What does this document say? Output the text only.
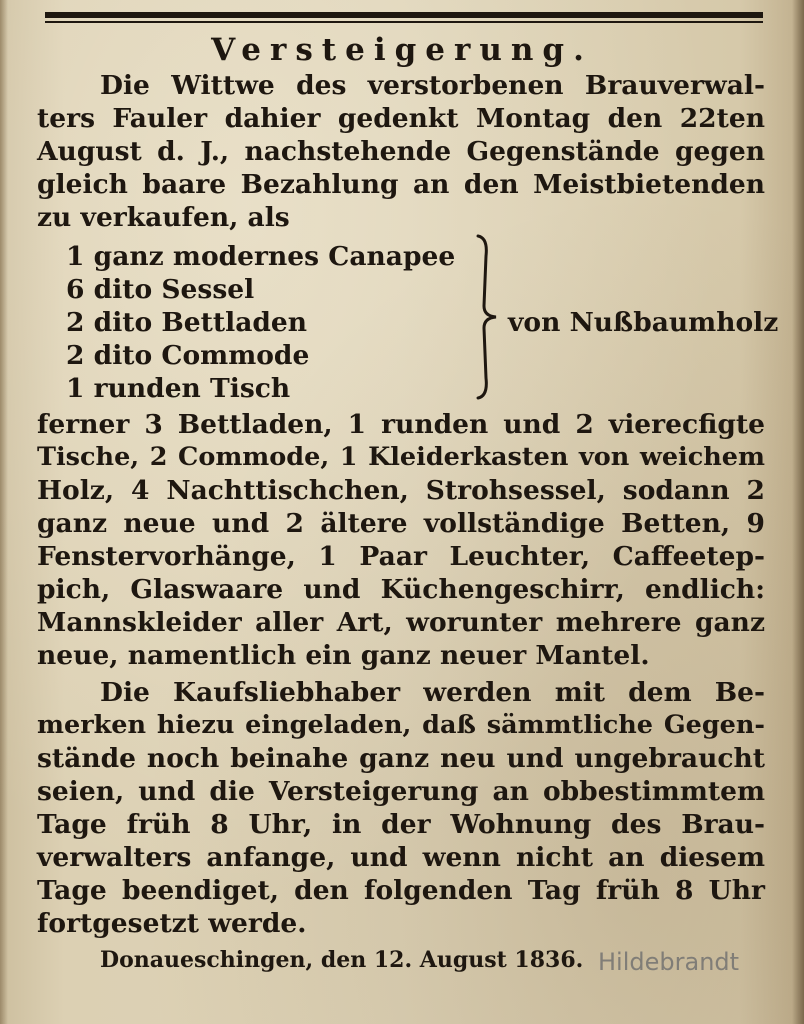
Versteigerung.
Die Wittwe des verstorbenen Brauverwal-
ters Fauler dahier gedenkt Montag den 22ten
August d. J., nachstehende Gegenstände gegen
gleich baare Bezahlung an den Meistbietenden
zu verkaufen, als
1 ganz modernes Canapee
6 dito Sessel
2 dito Bettladen
2 dito Commode
1 runden Tisch
von Nußbaumholz
ferner 3 Bettladen, 1 runden und 2 vierecfigte
Tische, 2 Commode, 1 Kleiderkasten von weichem
Holz, 4 Nachttischchen, Strohsessel, sodann 2
ganz neue und 2 ältere vollständige Betten, 9
Fenstervorhänge, 1 Paar Leuchter, Caffeetep-
pich, Glaswaare und Küchengeschirr, endlich:
Mannskleider aller Art, worunter mehrere ganz
neue, namentlich ein ganz neuer Mantel.
Die Kaufsliebhaber werden mit dem Be-
merken hiezu eingeladen, daß sämmtliche Gegen-
stände noch beinahe ganz neu und ungebraucht
seien, und die Versteigerung an obbestimmtem
Tage früh 8 Uhr, in der Wohnung des Brau-
verwalters anfange, und wenn nicht an diesem
Tage beendiget, den folgenden Tag früh 8 Uhr
fortgesetzt werde.
Donaueschingen, den 12. August 1836. Hildebrandt
